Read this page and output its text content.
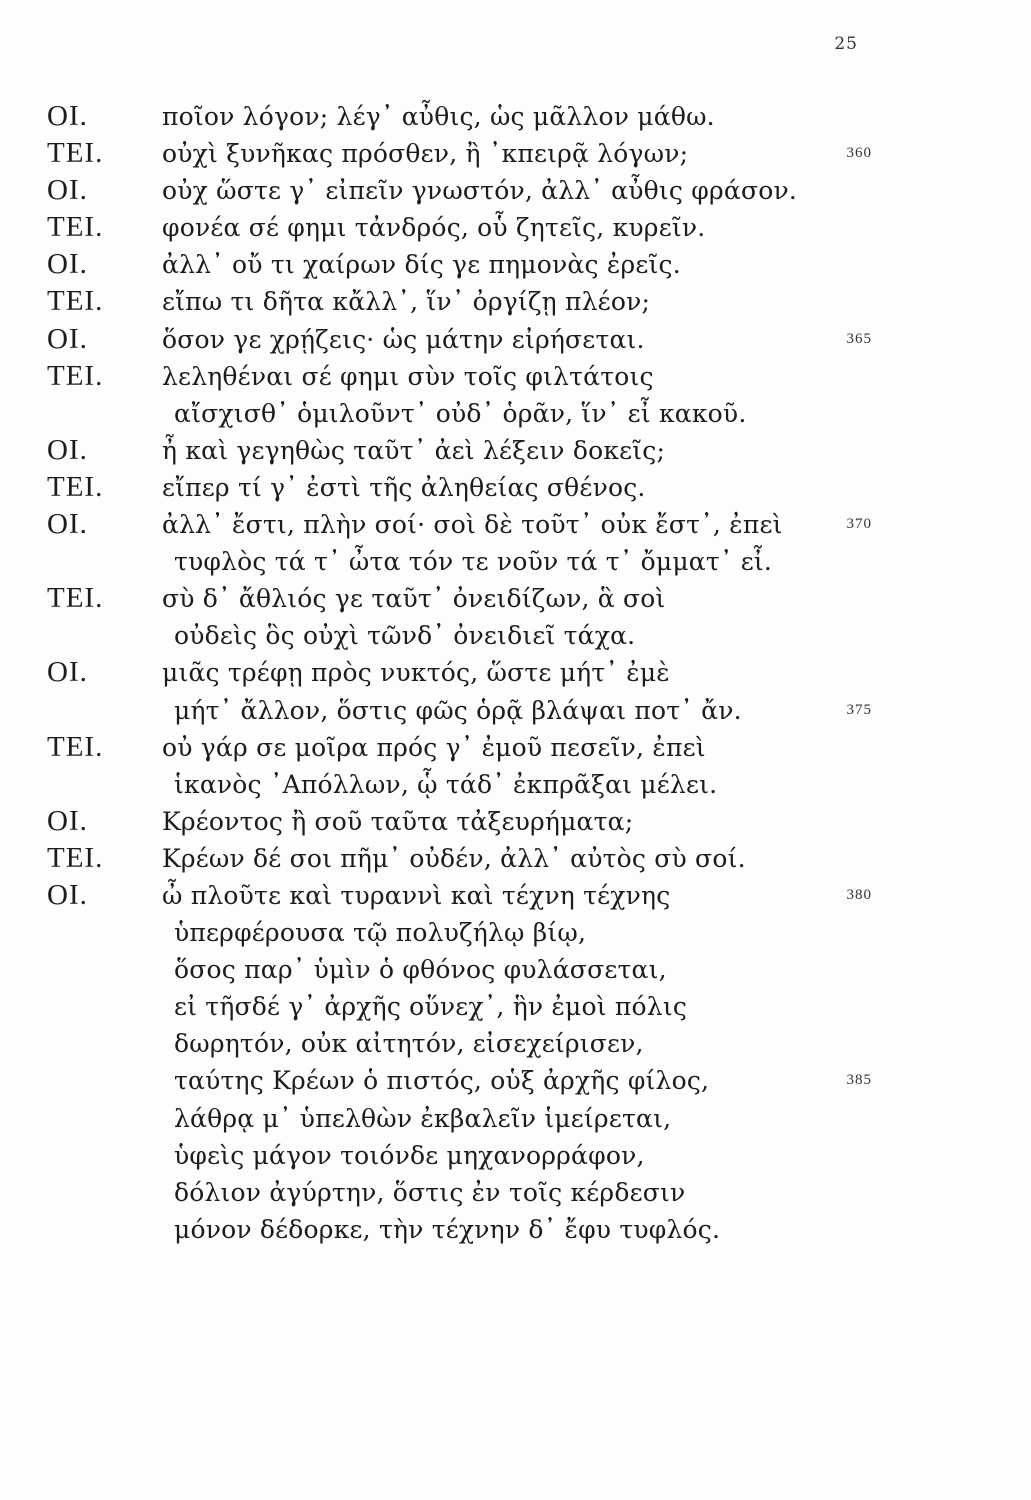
25
ΟΙ.	ποῖον λόγον; λέγ᾽ αὖθις, ὡς μᾶλλον μάθω.
ΤΕΙ.	οὐχὶ ξυνῆκας πρόσθεν, ἢ ᾽κπειρᾷ λόγων;	360
ΟΙ.	οὐχ ὥστε γ᾽ εἰπεῖν γνωστόν, ἀλλ᾽ αὖθις φράσον.
ΤΕΙ.	φονέα σέ φημι τἀνδρός, οὗ ζητεῖς, κυρεῖν.
ΟΙ.	ἀλλ᾽ οὔ τι χαίρων δίς γε πημονὰς ἐρεῖς.
ΤΕΙ.	εἴπω τι δῆτα κἄλλ᾽, ἵν᾽ ὀργίζῃ πλέον;
ΟΙ.	ὅσον γε χρῄζεις· ὡς μάτην εἰρήσεται.	365
ΤΕΙ.	λεληθέναι σέ φημι σὺν τοῖς φιλτάτοις
αἴσχισθ᾽ ὁμιλοῦντ᾽ οὐδ᾽ ὁρᾶν, ἵν᾽ εἶ κακοῦ.
ΟΙ.	ἦ καὶ γεγηθὼς ταῦτ᾽ ἀεὶ λέξειν δοκεῖς;
ΤΕΙ.	εἴπερ τί γ᾽ ἐστὶ τῆς ἀληθείας σθένος.
ΟΙ.	ἀλλ᾽ ἔστι, πλὴν σοί· σοὶ δὲ τοῦτ᾽ οὐκ ἔστ᾽, ἐπεὶ	370
τυφλὸς τά τ᾽ ὦτα τόν τε νοῦν τά τ᾽ ὄμματ᾽ εἶ.
ΤΕΙ.	σὺ δ᾽ ἄθλιός γε ταῦτ᾽ ὀνειδίζων, ἃ σοὶ
οὐδεὶς ὃς οὐχὶ τῶνδ᾽ ὀνειδιεῖ τάχα.
ΟΙ.	μιᾶς τρέφῃ πρὸς νυκτός, ὥστε μήτ᾽ ἐμὲ
μήτ᾽ ἄλλον, ὅστις φῶς ὁρᾷ βλάψαι ποτ᾽ ἄν.	375
ΤΕΙ.	οὐ γάρ σε μοῖρα πρός γ᾽ ἐμοῦ πεσεῖν, ἐπεὶ
ἱκανὸς ᾽Απόλλων, ᾧ τάδ᾽ ἐκπρᾶξαι μέλει.
ΟΙ.	Κρέοντος ἢ σοῦ ταῦτα τἀξευρήματα;
ΤΕΙ.	Κρέων δέ σοι πῆμ᾽ οὐδέν, ἀλλ᾽ αὐτὸς σὺ σοί.
ΟΙ.	ὦ πλοῦτε καὶ τυραννὶ καὶ τέχνη τέχνης	380
ὑπερφέρουσα τῷ πολυζήλῳ βίῳ,
ὅσος παρ᾽ ὑμὶν ὁ φθόνος φυλάσσεται,
εἰ τῆσδέ γ᾽ ἀρχῆς οὕνεχ᾽, ἣν ἐμοὶ πόλις
δωρητόν, οὐκ αἰτητόν, εἰσεχείρισεν,
ταύτης Κρέων ὁ πιστός, οὑξ ἀρχῆς φίλος,	385
λάθρᾳ μ᾽ ὑπελθὼν ἐκβαλεῖν ἱμείρεται,
ὑφεὶς μάγον τοιόνδε μηχανορράφον,
δόλιον ἀγύρτην, ὅστις ἐν τοῖς κέρδεσιν
μόνον δέδορκε, τὴν τέχνην δ᾽ ἔφυ τυφλός.
